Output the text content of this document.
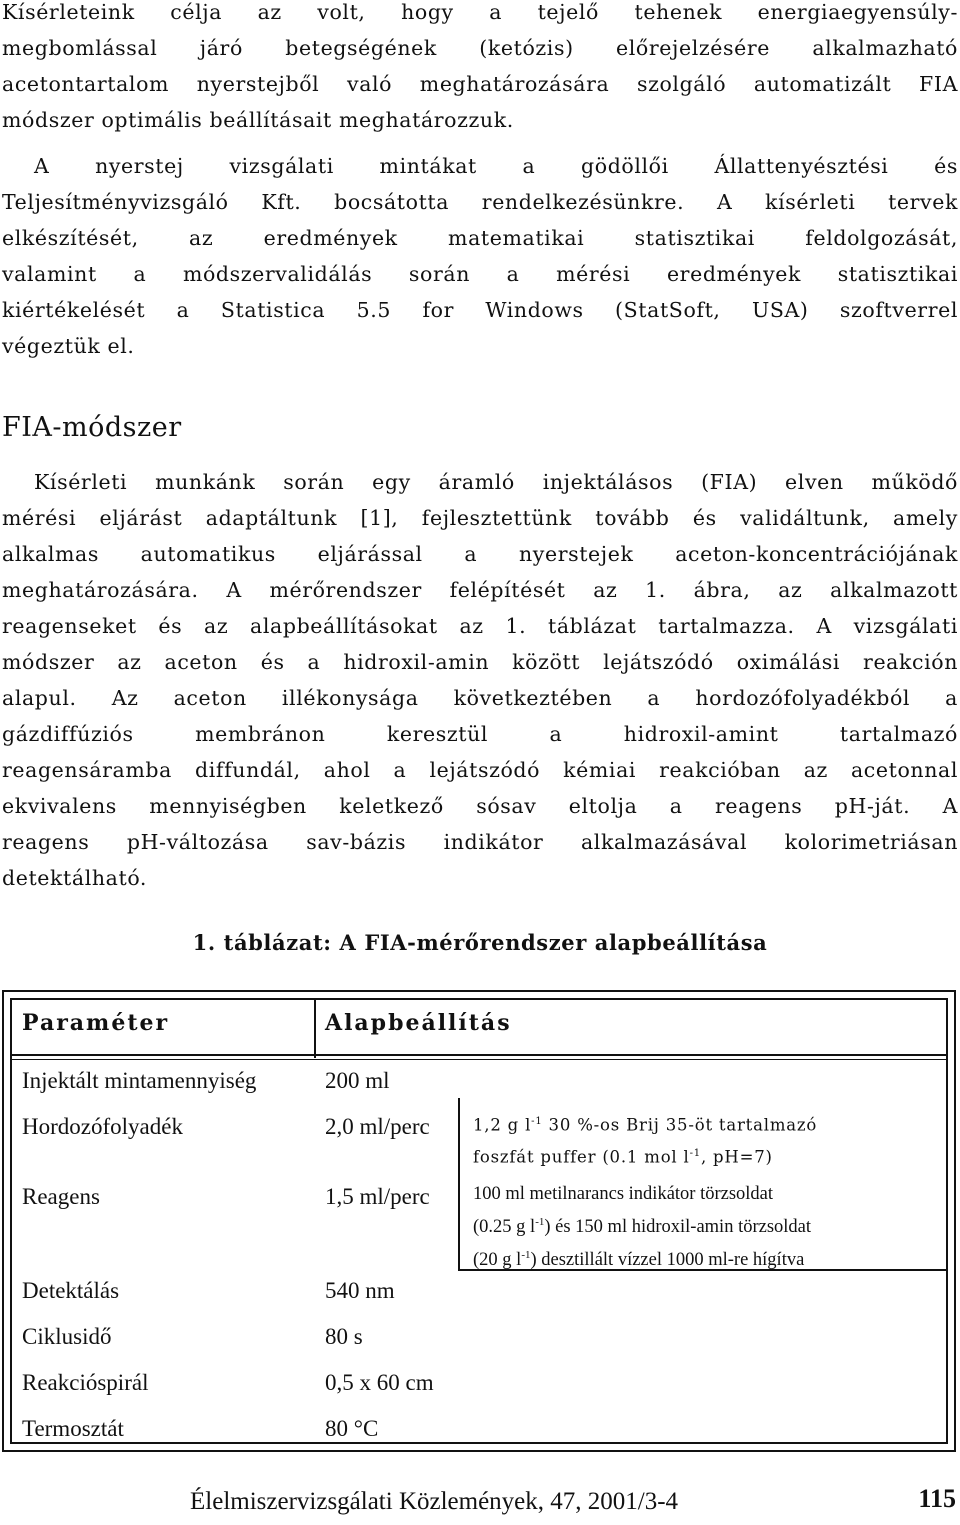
Kísérleteink célja az volt, hogy a tejelő tehenek energiaegyensúly-
megbomlással járó betegségének (ketózis) előrejelzésére alkalmazható
acetontartalom nyerstejből való meghatározására szolgáló automatizált FIA
módszer optimális beállításait meghatározzuk.
A nyerstej vizsgálati mintákat a gödöllői Állattenyésztési és
Teljesítményvizsgáló Kft. bocsátotta rendelkezésünkre. A kísérleti tervek
elkészítését, az eredmények matematikai statisztikai feldolgozását,
valamint a módszervalidálás során a mérési eredmények statisztikai
kiértékelését a Statistica 5.5 for Windows (StatSoft, USA) szoftverrel
végeztük el.
FIA-módszer
Kísérleti munkánk során egy áramló injektálásos (FIA) elven működő
mérési eljárást adaptáltunk [1], fejlesztettünk tovább és validáltunk, amely
alkalmas automatikus eljárással a nyerstejek aceton-koncentrációjának
meghatározására. A mérőrendszer felépítését az 1. ábra, az alkalmazott
reagenseket és az alapbeállításokat az 1. táblázat tartalmazza. A vizsgálati
módszer az aceton és a hidroxil-amin között lejátszódó oximálási reakción
alapul. Az aceton illékonysága következtében a hordozófolyadékból a
gázdiffúziós membránon keresztül a hidroxil-amint tartalmazó
reagensáramba diffundál, ahol a lejátszódó kémiai reakcióban az acetonnal
ekvivalens mennyiségben keletkező sósav eltolja a reagens pH-ját. A
reagens pH-változása sav-bázis indikátor alkalmazásával kolorimetriásan
detektálható.
1. táblázat: A FIA-mérőrendszer alapbeállítása
Paraméter	Alapbeállítás
Injektált mintamennyiség	200 ml
Hordozófolyadék	2,0 ml/perc	1,2 g $l^{-1}$ 30 %-os Brij 35-öt tartalmazó
foszfát puffer (0.1 mol $l^{-1}$, pH=7)
Reagens	1,5 ml/perc 100 ml metilnarancs indikátor törzsoldat
(0.25 g $l^{-1}$) és 150 ml hidroxil-amin törzsoldat
(20 g $l^{-1}$) desztillált vízzel 1000 ml-re hígítva
Detektálás	540 nm
Ciklusidő	80 s
Reakcióspirál	0,5 x 60 cm
Termosztát	80 °C
Élelmiszervizsgálati Közlemények, 47, 2001/3-4	115
